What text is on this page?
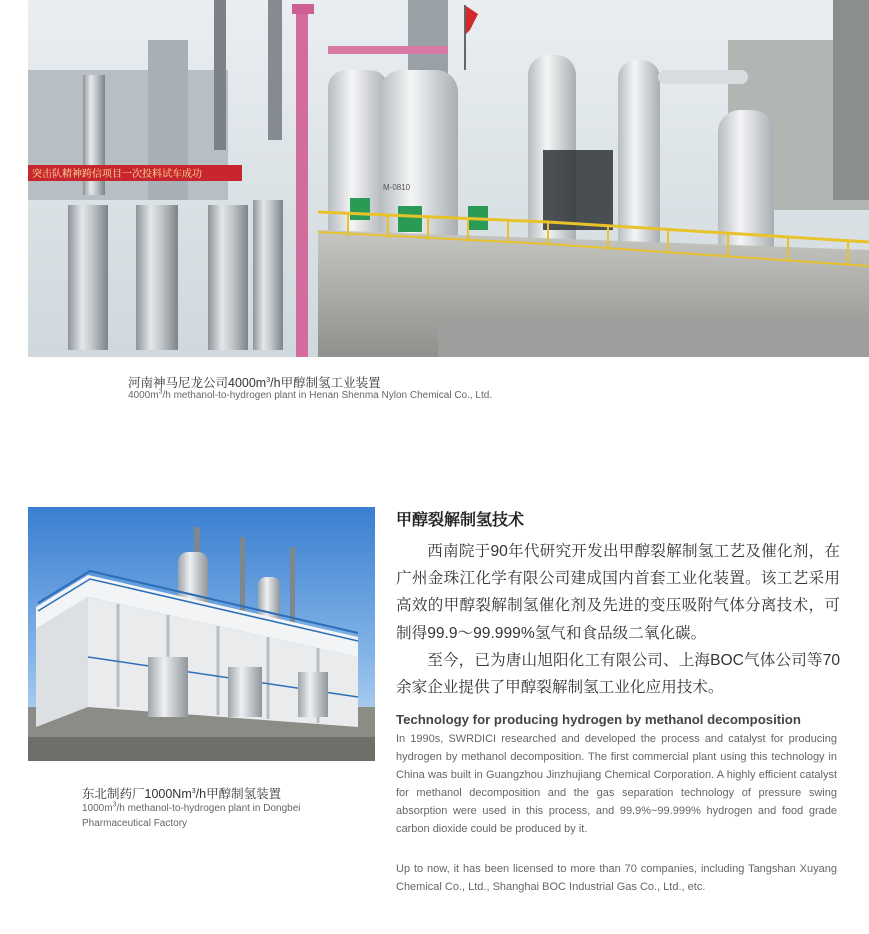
M-0810
突击队精神跨信项目一次投料试车成功
河南神马尼龙公司$4000m^3/h$甲醇制氢工业装置
$4000m^3/h$ methanol-to-hydrogen plant in Henan Shenma Nylon Chemical Co., Ltd.
东北制药厂1000Nm$^3$/h甲醇制氢装置
$1000m^3/h$ methanol-to-hydrogen plant in Dongbei Pharmaceutical Factory
甲醇裂解制氢技术

西南院于90年代研究开发出甲醇裂解制氢工艺及催化剂，在广州金珠江化学有限公司建成国内首套工业化装置。该工艺采用高效的甲醇裂解制氢催化剂及先进的变压吸附气体分离技术，可制得99.9～99.999%氢气和食品级二氧化碳。

至今，已为唐山旭阳化工有限公司、上海BOC气体公司等70余家企业提供了甲醇裂解制氢工业化应用技术。

Technology for producing hydrogen by methanol decomposition

In 1990s, SWRDICI researched and developed the process and catalyst for producing hydrogen by methanol decomposition. The first commercial plant using this technology in China was built in Guangzhou Jinzhujiang Chemical Corporation. A highly efficient catalyst for methanol decomposition and the gas separation technology of pressure swing absorption were used in this process, and 99.9%~99.999% hydrogen and food grade carbon dioxide could be produced by it.

Up to now, it has been licensed to more than 70 companies, including Tangshan Xuyang Chemical Co., Ltd., Shanghai BOC Industrial Gas Co., Ltd., etc.
